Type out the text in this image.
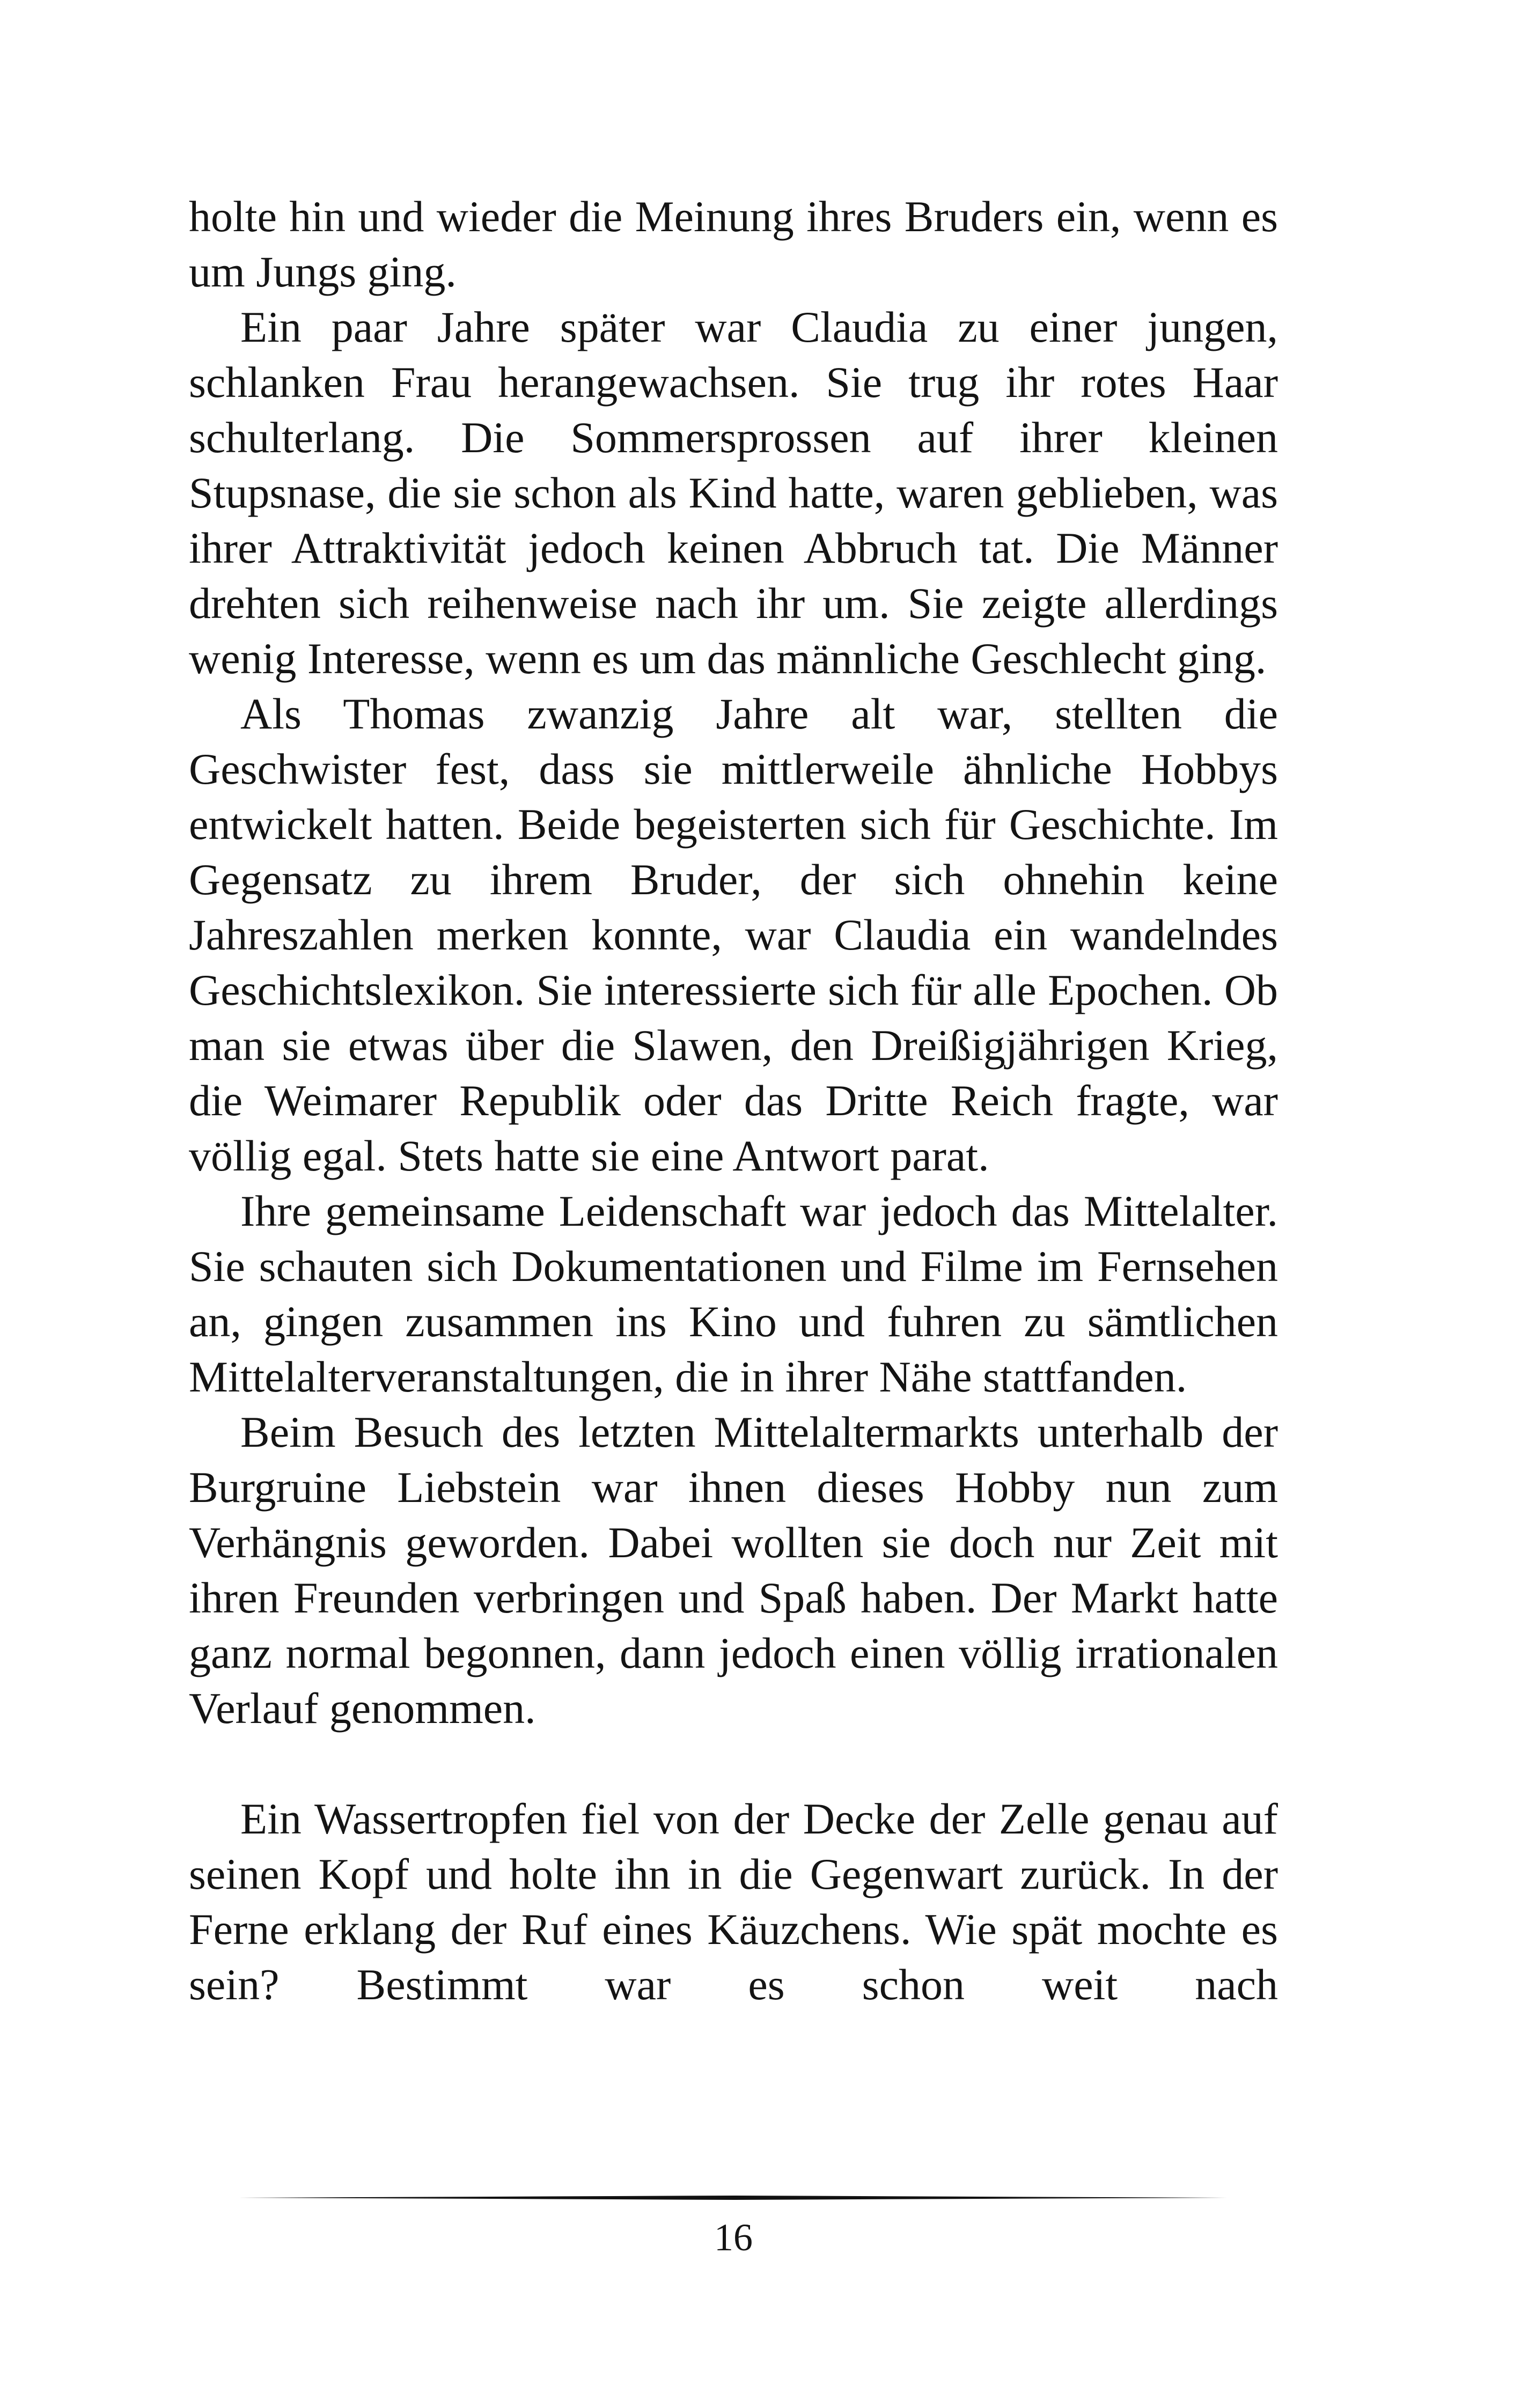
holte hin und wieder die Meinung ihres Bruders ein, wenn es um Jungs ging.

Ein paar Jahre später war Claudia zu einer jungen, schlanken Frau herangewachsen. Sie trug ihr rotes Haar schulterlang. Die Sommersprossen auf ihrer kleinen Stupsnase, die sie schon als Kind hatte, waren geblieben, was ihrer Attraktivität jedoch keinen Abbruch tat. Die Männer drehten sich reihenweise nach ihr um. Sie zeigte allerdings wenig Interesse, wenn es um das männliche Geschlecht ging.

Als Thomas zwanzig Jahre alt war, stellten die Geschwister fest, dass sie mittlerweile ähnliche Hobbys entwickelt hatten. Beide begeisterten sich für Geschichte. Im Gegensatz zu ihrem Bruder, der sich ohnehin keine Jahreszahlen merken konnte, war Claudia ein wandelndes Geschichtslexikon. Sie interessierte sich für alle Epochen. Ob man sie etwas über die Slawen, den Dreißigjährigen Krieg, die Weimarer Republik oder das Dritte Reich fragte, war völlig egal. Stets hatte sie eine Antwort parat.

Ihre gemeinsame Leidenschaft war jedoch das Mittelalter. Sie schauten sich Dokumentationen und Filme im Fernsehen an, gingen zusammen ins Kino und fuhren zu sämtlichen Mittelalterveranstaltungen, die in ihrer Nähe stattfanden.

Beim Besuch des letzten Mittelaltermarkts unterhalb der Burgruine Liebstein war ihnen dieses Hobby nun zum Verhängnis geworden. Dabei wollten sie doch nur Zeit mit ihren Freunden verbringen und Spaß haben. Der Markt hatte ganz normal begonnen, dann jedoch einen völlig irrationalen Verlauf genommen.

Ein Wassertropfen fiel von der Decke der Zelle genau auf seinen Kopf und holte ihn in die Gegenwart zurück. In der Ferne erklang der Ruf eines Käuzchens. Wie spät mochte es sein? Bestimmt war es schon weit nach

16
